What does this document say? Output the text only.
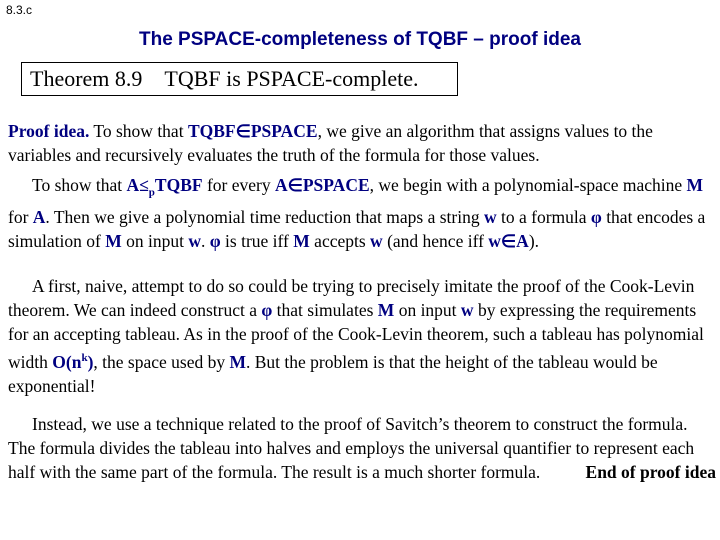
8.3.c
The PSPACE-completeness of TQBF – proof idea
Theorem 8.9 TQBF is PSPACE-complete.

Proof idea. To show that TQBF∈PSPACE, we give an algorithm that assigns values to the variables and recursively evaluates the truth of the formula for those values.

To show that $A\le_pTQBF$ for every A∈PSPACE, we begin with a polynomial-space machine M for A. Then we give a polynomial time reduction that maps a string w to a formula φ that encodes a simulation of M on input w. φ is true iff M accepts w (and hence iff w∈A).

A first, naive, attempt to do so could be trying to precisely imitate the proof of the Cook-Levin theorem. We can indeed construct a φ that simulates M on input w by expressing the requirements for an accepting tableau. As in the proof of the Cook-Levin theorem, such a tableau has polynomial width $O(n^k)$, the space used by M. But the problem is that the height of the tableau would be exponential!

Instead, we use a technique related to the proof of Savitch’s theorem to construct the formula. The formula divides the tableau into halves and employs the universal quantifier to represent each half with the same part of the formula. The result is a much shorter formula.	End of proof idea
